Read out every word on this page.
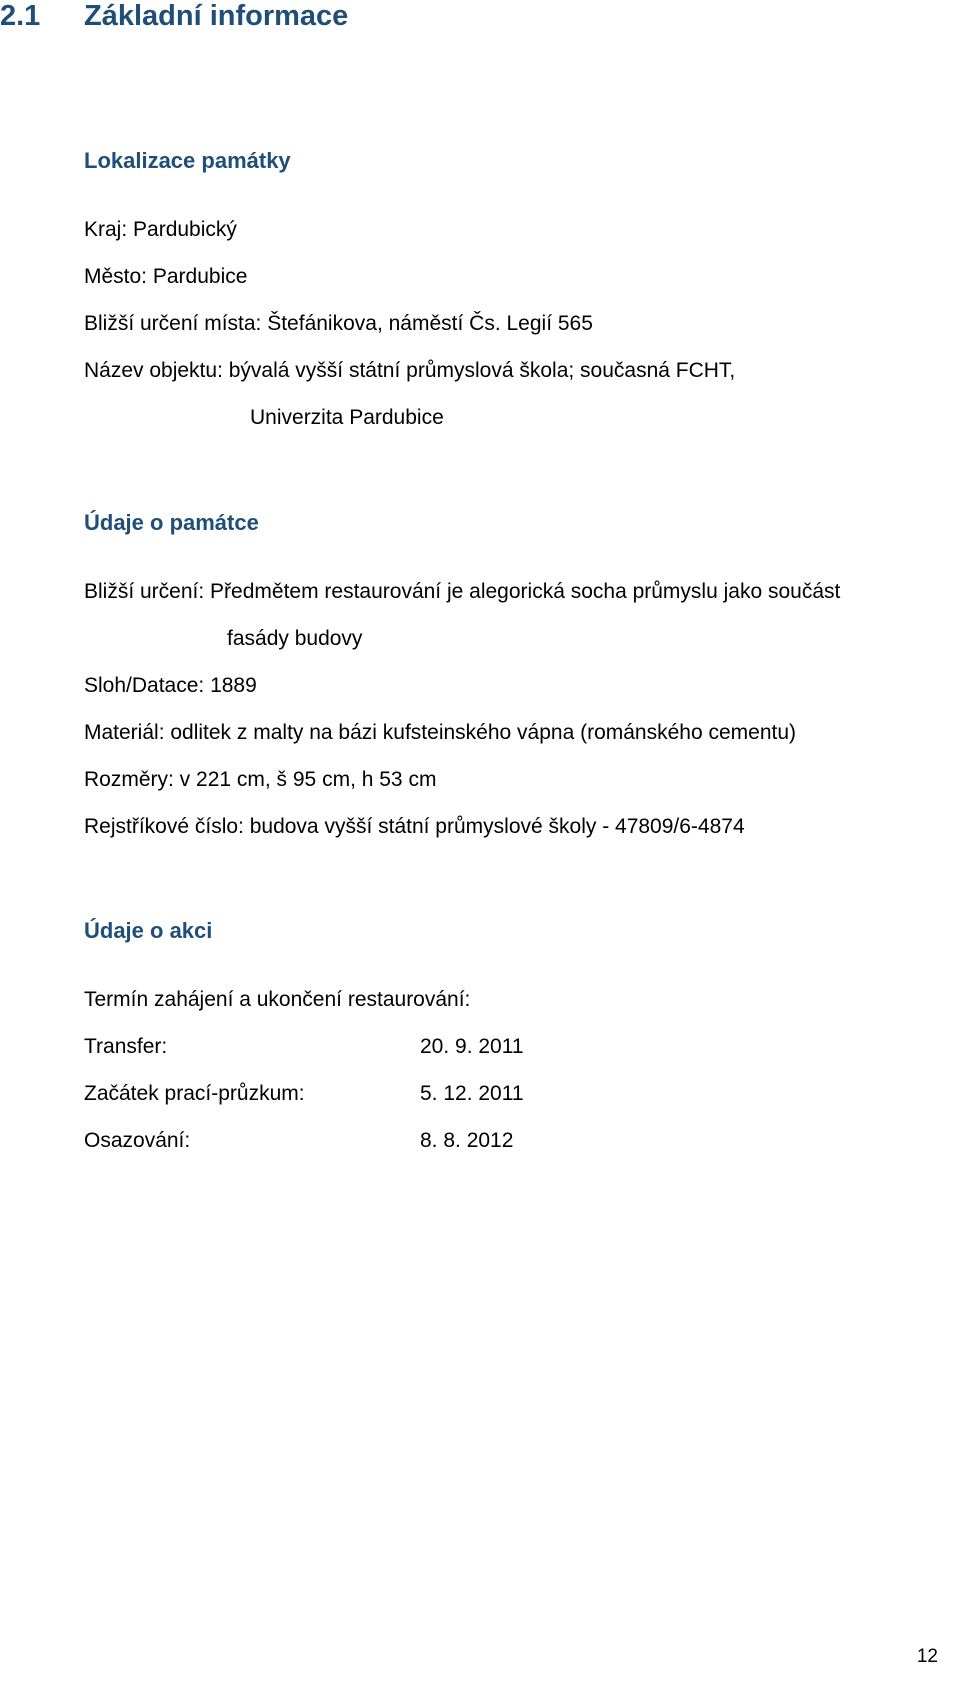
2.1 Základní informace
Lokalizace památky
Kraj: Pardubický
Město: Pardubice
Bližší určení místa: Štefánikova, náměstí Čs. Legií 565
Název objektu: bývalá vyšší státní průmyslová škola; současná FCHT,
Univerzita Pardubice
Údaje o památce
Bližší určení: Předmětem restaurování je alegorická socha průmyslu jako součást
fasády budovy
Sloh/Datace: 1889
Materiál: odlitek z malty na bázi kufsteinského vápna (románského cementu)
Rozměry: v 221 cm, š 95 cm, h 53 cm
Rejstříkové číslo: budova vyšší státní průmyslové školy - 47809/6-4874
Údaje o akci
Termín zahájení a ukončení restaurování:
Transfer:	20. 9. 2011
Začátek prací-průzkum:	5. 12. 2011
Osazování:	8. 8. 2012
12
